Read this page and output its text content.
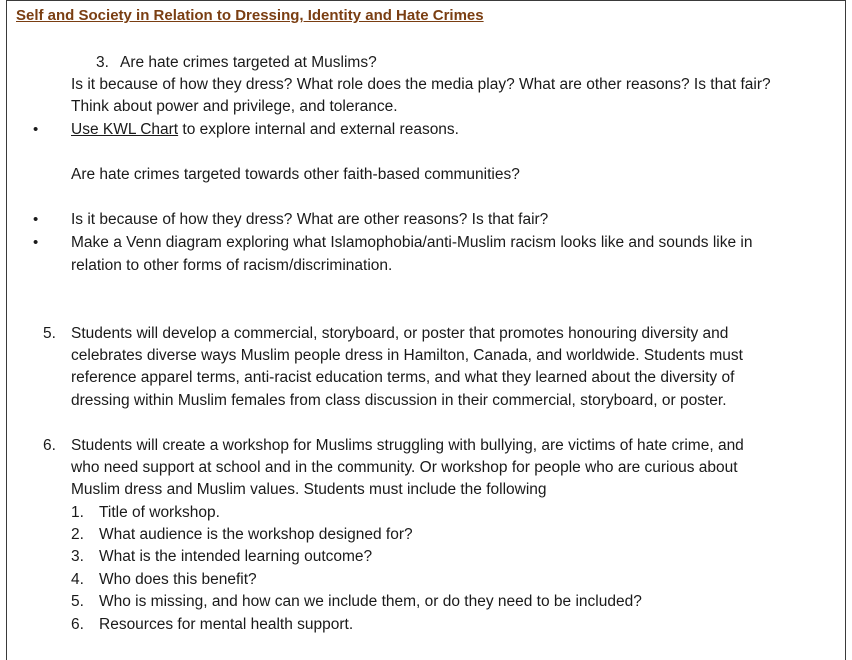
Self and Society in Relation to Dressing, Identity and Hate Crimes
3. Are hate crimes targeted at Muslims?
Is it because of how they dress? What role does the media play? What are other reasons? Is that fair?
Think about power and privilege, and tolerance.
• Use KWL Chart to explore internal and external reasons.
Are hate crimes targeted towards other faith-based communities?
• Is it because of how they dress? What are other reasons? Is that fair?
• Make a Venn diagram exploring what Islamophobia/anti-Muslim racism looks like and sounds like in
relation to other forms of racism/discrimination.
5. Students will develop a commercial, storyboard, or poster that promotes honouring diversity and
celebrates diverse ways Muslim people dress in Hamilton, Canada, and worldwide. Students must
reference apparel terms, anti-racist education terms, and what they learned about the diversity of
dressing within Muslim females from class discussion in their commercial, storyboard, or poster.
6. Students will create a workshop for Muslims struggling with bullying, are victims of hate crime, and
who need support at school and in the community. Or workshop for people who are curious about
Muslim dress and Muslim values. Students must include the following
1. Title of workshop.
2. What audience is the workshop designed for?
3. What is the intended learning outcome?
4. Who does this benefit?
5. Who is missing, and how can we include them, or do they need to be included?
6. Resources for mental health support.
